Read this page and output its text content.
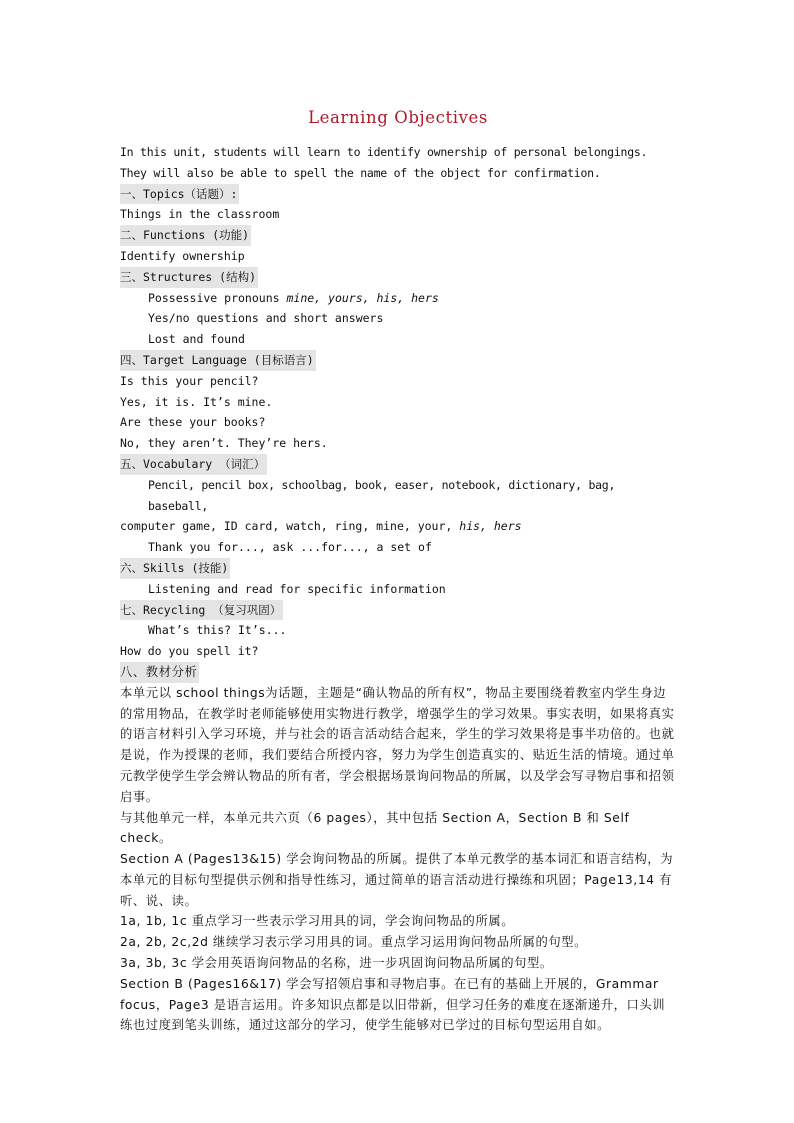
Learning Objectives

In this unit, students will learn to identify ownership of personal belongings. They will also be able to spell the name of the object for confirmation.

一、Topics（话题）:

Things in the classroom

二、Functions (功能)

Identify ownership

三、Structures (结构)

Possessive pronouns mine, yours, his, hers

Yes/no questions and short answers

Lost and found

四、Target Language (目标语言)

Is this your pencil?

Yes, it is. It’s mine.

Are these your books?

No, they aren’t. They’re hers.

五、Vocabulary （词汇）

Pencil, pencil box, schoolbag, book, easer, notebook, dictionary, bag, baseball,

computer game, ID card, watch, ring, mine, your, his, hers

Thank you for..., ask ...for..., a set of

六、Skills (技能)

Listening and read for specific information

七、Recycling （复习巩固）

What’s this? It’s...

How do you spell it?

八、教材分析

本单元以 school things为话题，主题是“确认物品的所有权”，物品主要围绕着教室内学生身边的常用物品，在教学时老师能够使用实物进行教学，增强学生的学习效果。事实表明，如果将真实的语言材料引入学习环境，并与社会的语言活动结合起来，学生的学习效果将是事半功倍的。也就是说，作为授课的老师，我们要结合所授内容，努力为学生创造真实的、贴近生活的情境。通过单元教学使学生学会辨认物品的所有者，学会根据场景询问物品的所属，以及学会写寻物启事和招领启事。

与其他单元一样，本单元共六页（6 pages），其中包括 Section A，Section B 和 Self check。

Section A (Pages13&15) 学会询问物品的所属。提供了本单元教学的基本词汇和语言结构，为本单元的目标句型提供示例和指导性练习，通过简单的语言活动进行操练和巩固；Page13,14 有听、说、读。

1a, 1b, 1c 重点学习一些表示学习用具的词，学会询问物品的所属。

2a, 2b, 2c,2d 继续学习表示学习用具的词。重点学习运用询问物品所属的句型。

3a, 3b, 3c 学会用英语询问物品的名称，进一步巩固询问物品所属的句型。

Section B (Pages16&17) 学会写招领启事和寻物启事。在已有的基础上开展的，Grammar focus，Page3 是语言运用。许多知识点都是以旧带新，但学习任务的难度在逐渐递升，口头训练也过度到笔头训练，通过这部分的学习，使学生能够对已学过的目标句型运用自如。
